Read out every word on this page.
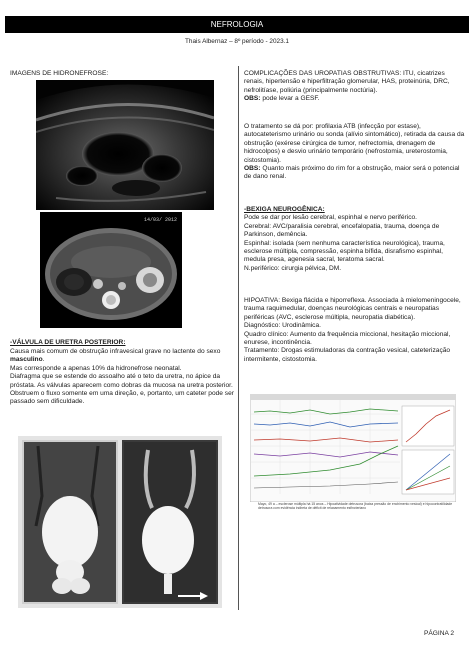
NEFROLOGIA
Thais Albernaz – 8º período - 2023.1
IMAGENS DE HIDRONEFROSE:
14/03/ 2012
-VÁLVULA DE URETRA POSTERIOR:
Causa mais comum de obstrução infravesical grave no lactente do sexo masculino.
Mas corresponde a apenas 10% da hidronefrose neonatal.
Diafragma que se estende do assoalho até o teto da uretra, no ápice da próstata. As válvulas aparecem como dobras da mucosa na uretra posterior.
Obstruem o fluxo somente em uma direção, e, portanto, um cateter pode ser passado sem dificuldade.
COMPLICAÇÕES DAS UROPATIAS OBSTRUTIVAS: ITU, cicatrizes renais, hipertensão e hiperfiltração glomerular, HAS, proteinúria, DRC, nefrolitíase, poliúria (principalmente noctúria).
OBS: pode levar a GESF.
O tratamento se dá por: profilaxia ATB (infecção por estase), autocateterismo urinário ou sonda (alívio sintomático), retirada da causa da obstrução (exérese cirúrgica de tumor, nefrectomia, drenagem de hidrocolpos) e desvio urinário temporário (nefrostomia, ureterostomia, cistostomia).
OBS: Quanto mais próximo do rim for a obstrução, maior será o potencial de dano renal.
-BEXIGA NEUROGÊNICA:
Pode se dar por lesão cerebral, espinhal e nervo periférico.
Cerebral: AVC/paralisia cerebral, encefalopatia, trauma, doença de Parkinson, demência.
Espinhal: isolada (sem nenhuma característica neurológica), trauma, esclerose múltipla, compressão, espinha bífida, disrafismo espinhal, medula presa, agenesia sacral, teratoma sacral.
N.periférico: cirurgia pélvica, DM.
HIPOATIVA: Bexiga flácida e hiporreflexa. Associada à mielomeningocele, trauma raquimedular, doenças neurológicas centrais e neuropatias periféricas (AVC, esclerose múltipla, neuropatia diabética).
Diagnóstico: Urodinâmica.
Quadro clínico: Aumento da frequência miccional, hesitação miccional, enurese, incontinência.
Tratamento: Drogas estimuladoras da contração vesical, cateterização intermitente, cistostomia.
Mayo, 49 a – esclerose múltipla há 15 anos – Hipoatividade detrusora (baixa pressão de enchimento vesical) e hipocontratilidade detrusora com evidência indireta de déficit de relaxamento esfincteriano
PÁGINA 2
